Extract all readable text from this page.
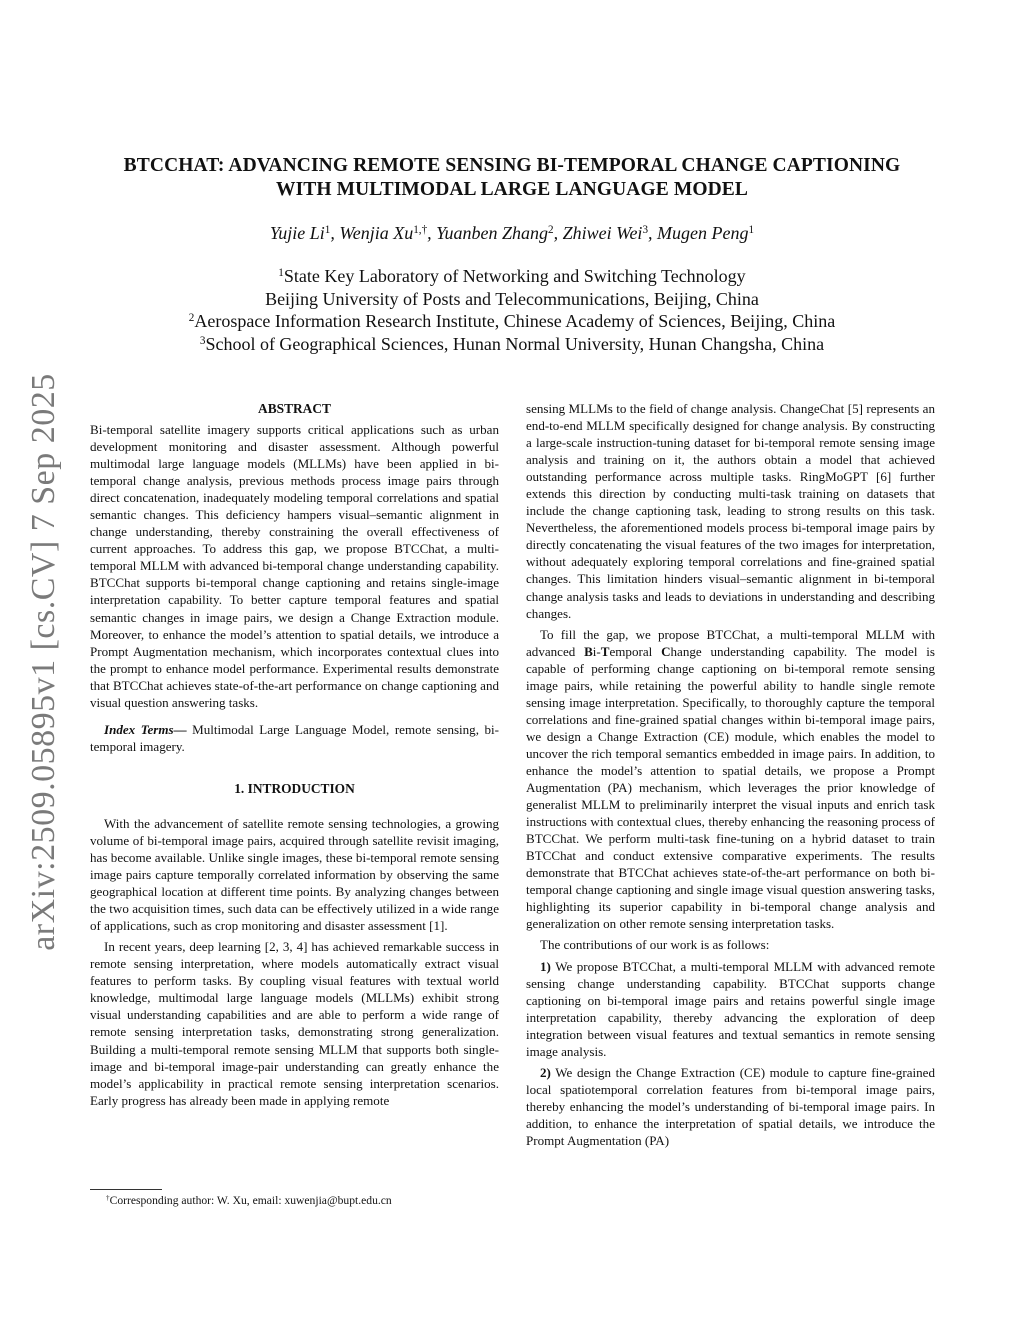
arXiv:2509.05895v1 [cs.CV] 7 Sep 2025
BTCCHAT: ADVANCING REMOTE SENSING BI-TEMPORAL CHANGE CAPTIONING
WITH MULTIMODAL LARGE LANGUAGE MODEL
Yujie Li$^1$, Wenjia $Xu^{1,\dagger}$, Yuanben Zhang$^2$, Zhiwei Wei$^3$, Mugen Peng$^1$
$^1$State Key Laboratory of Networking and Switching Technology
Beijing University of Posts and Telecommunications, Beijing, China
$^2$Aerospace Information Research Institute, Chinese Academy of Sciences, Beijing, China
$^3$School of Geographical Sciences, Hunan Normal University, Hunan Changsha, China
ABSTRACT

Bi-temporal satellite imagery supports critical applications such as urban development monitoring and disaster assessment. Although powerful multimodal large language models (MLLMs) have been applied in bi-temporal change analysis, previous methods process image pairs through direct concatenation, inadequately modeling temporal correlations and spatial semantic changes. This deficiency hampers visual–semantic alignment in change understanding, thereby constraining the overall effectiveness of current approaches. To address this gap, we propose BTCChat, a multi-temporal MLLM with advanced bi-temporal change understanding capability. BTCChat supports bi-temporal change captioning and retains single-image interpretation capability. To better capture temporal features and spatial semantic changes in image pairs, we design a Change Extraction module. Moreover, to enhance the model’s attention to spatial details, we introduce a Prompt Augmentation mechanism, which incorporates contextual clues into the prompt to enhance model performance. Experimental results demonstrate that BTCChat achieves state-of-the-art performance on change captioning and visual question answering tasks.

Index Terms— Multimodal Large Language Model, remote sensing, bi-temporal imagery.

1. INTRODUCTION

With the advancement of satellite remote sensing technologies, a growing volume of bi-temporal image pairs, acquired through satellite revisit imaging, has become available. Unlike single images, these bi-temporal remote sensing image pairs capture temporally correlated information by observing the same geographical location at different time points. By analyzing changes between the two acquisition times, such data can be effectively utilized in a wide range of applications, such as crop monitoring and disaster assessment [1].

In recent years, deep learning [2, 3, 4] has achieved remarkable success in remote sensing interpretation, where models automatically extract visual features to perform tasks. By coupling visual features with textual world knowledge, multimodal large language models (MLLMs) exhibit strong visual understanding capabilities and are able to perform a wide range of remote sensing interpretation tasks, demonstrating strong generalization. Building a multi-temporal remote sensing MLLM that supports both single-image and bi-temporal image-pair understanding can greatly enhance the model’s applicability in practical remote sensing interpretation scenarios. Early progress has already been made in applying remote

†Corresponding author: W. Xu, email: xuwenjia@bupt.edu.cn

sensing MLLMs to the field of change analysis. ChangeChat [5] represents an end-to-end MLLM specifically designed for change analysis. By constructing a large-scale instruction-tuning dataset for bi-temporal remote sensing image analysis and training on it, the authors obtain a model that achieved outstanding performance across multiple tasks. RingMoGPT [6] further extends this direction by conducting multi-task training on datasets that include the change captioning task, leading to strong results on this task. Nevertheless, the aforementioned models process bi-temporal image pairs by directly concatenating the visual features of the two images for interpretation, without adequately exploring temporal correlations and fine-grained spatial changes. This limitation hinders visual–semantic alignment in bi-temporal change analysis tasks and leads to deviations in understanding and describing changes.

To fill the gap, we propose BTCChat, a multi-temporal MLLM with advanced Bi-Temporal Change understanding capability. The model is capable of performing change captioning on bi-temporal remote sensing image pairs, while retaining the powerful ability to handle single remote sensing image interpretation. Specifically, to thoroughly capture the temporal correlations and fine-grained spatial changes within bi-temporal image pairs, we design a Change Extraction (CE) module, which enables the model to uncover the rich temporal semantics embedded in image pairs. In addition, to enhance the model’s attention to spatial details, we propose a Prompt Augmentation (PA) mechanism, which leverages the prior knowledge of generalist MLLM to preliminarily interpret the visual inputs and enrich task instructions with contextual clues, thereby enhancing the reasoning process of BTCChat. We perform multi-task fine-tuning on a hybrid dataset to train BTCChat and conduct extensive comparative experiments. The results demonstrate that BTCChat achieves state-of-the-art performance on both bi-temporal change captioning and single image visual question answering tasks, highlighting its superior capability in bi-temporal change analysis and generalization on other remote sensing interpretation tasks.

The contributions of our work is as follows:

1) We propose BTCChat, a multi-temporal MLLM with advanced remote sensing change understanding capability. BTCChat supports change captioning on bi-temporal image pairs and retains powerful single image interpretation capability, thereby advancing the exploration of deep integration between visual features and textual semantics in remote sensing image analysis.

2) We design the Change Extraction (CE) module to capture fine-grained local spatiotemporal correlation features from bi-temporal image pairs, thereby enhancing the model’s understanding of bi-temporal image pairs. In addition, to enhance the interpretation of spatial details, we introduce the Prompt Augmentation (PA)
